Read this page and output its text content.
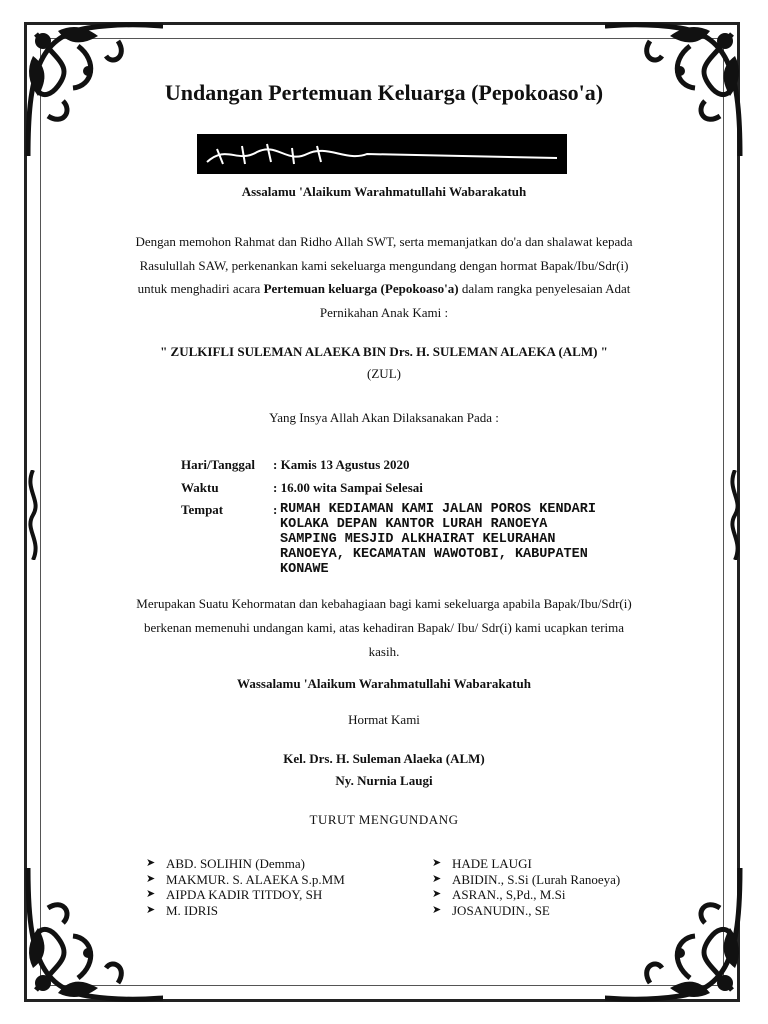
Undangan Pertemuan Keluarga (Pepokoaso'a)
Assalamu 'Alaikum Warahmatullahi Wabarakatuh
Dengan memohon Rahmat dan Ridho Allah SWT, serta memanjatkan do'a dan shalawat kepada
Rasulullah SAW, perkenankan kami sekeluarga mengundang dengan hormat Bapak/Ibu/Sdr(i)
untuk menghadiri acara Pertemuan keluarga (Pepokoaso'a) dalam rangka penyelesaian Adat
Pernikahan Anak Kami :
" ZULKIFLI SULEMAN ALAEKA BIN Drs. H. SULEMAN ALAEKA (ALM) "
(ZUL)
Yang Insya Allah Akan Dilaksanakan Pada :
Hari/Tanggal : Kamis 13 Agustus 2020
Waktu	: 16.00 wita Sampai Selesai
Tempat	: RUMAH KEDIAMAN KAMI JALAN POROS KENDARI
KOLAKA DEPAN KANTOR LURAH RANOEYA
SAMPING MESJID ALKHAIRAT KELURAHAN
RANOEYA, KECAMATAN WAWOTOBI, KABUPATEN
KONAWE
Merupakan Suatu Kehormatan dan kebahagiaan bagi kami sekeluarga apabila Bapak/Ibu/Sdr(i)
berkenan memenuhi undangan kami, atas kehadiran Bapak/ Ibu/ Sdr(i) kami ucapkan terima
kasih.
Wassalamu 'Alaikum Warahmatullahi Wabarakatuh
Hormat Kami
Kel. Drs. H. Suleman Alaeka (ALM)
Ny. Nurnia Laugi
TURUT MENGUNDANG
➤ ABD. SOLIHIN (Demma)
➤ MAKMUR. S. ALAEKA S.p.MM
➤ AIPDA KADIR TITDOY, SH
➤ M. IDRIS
➤ HADE LAUGI
➤ ABIDIN., S.Si (Lurah Ranoeya)
➤ ASRAN., S,Pd., M.Si
➤ JOSANUDIN., SE
